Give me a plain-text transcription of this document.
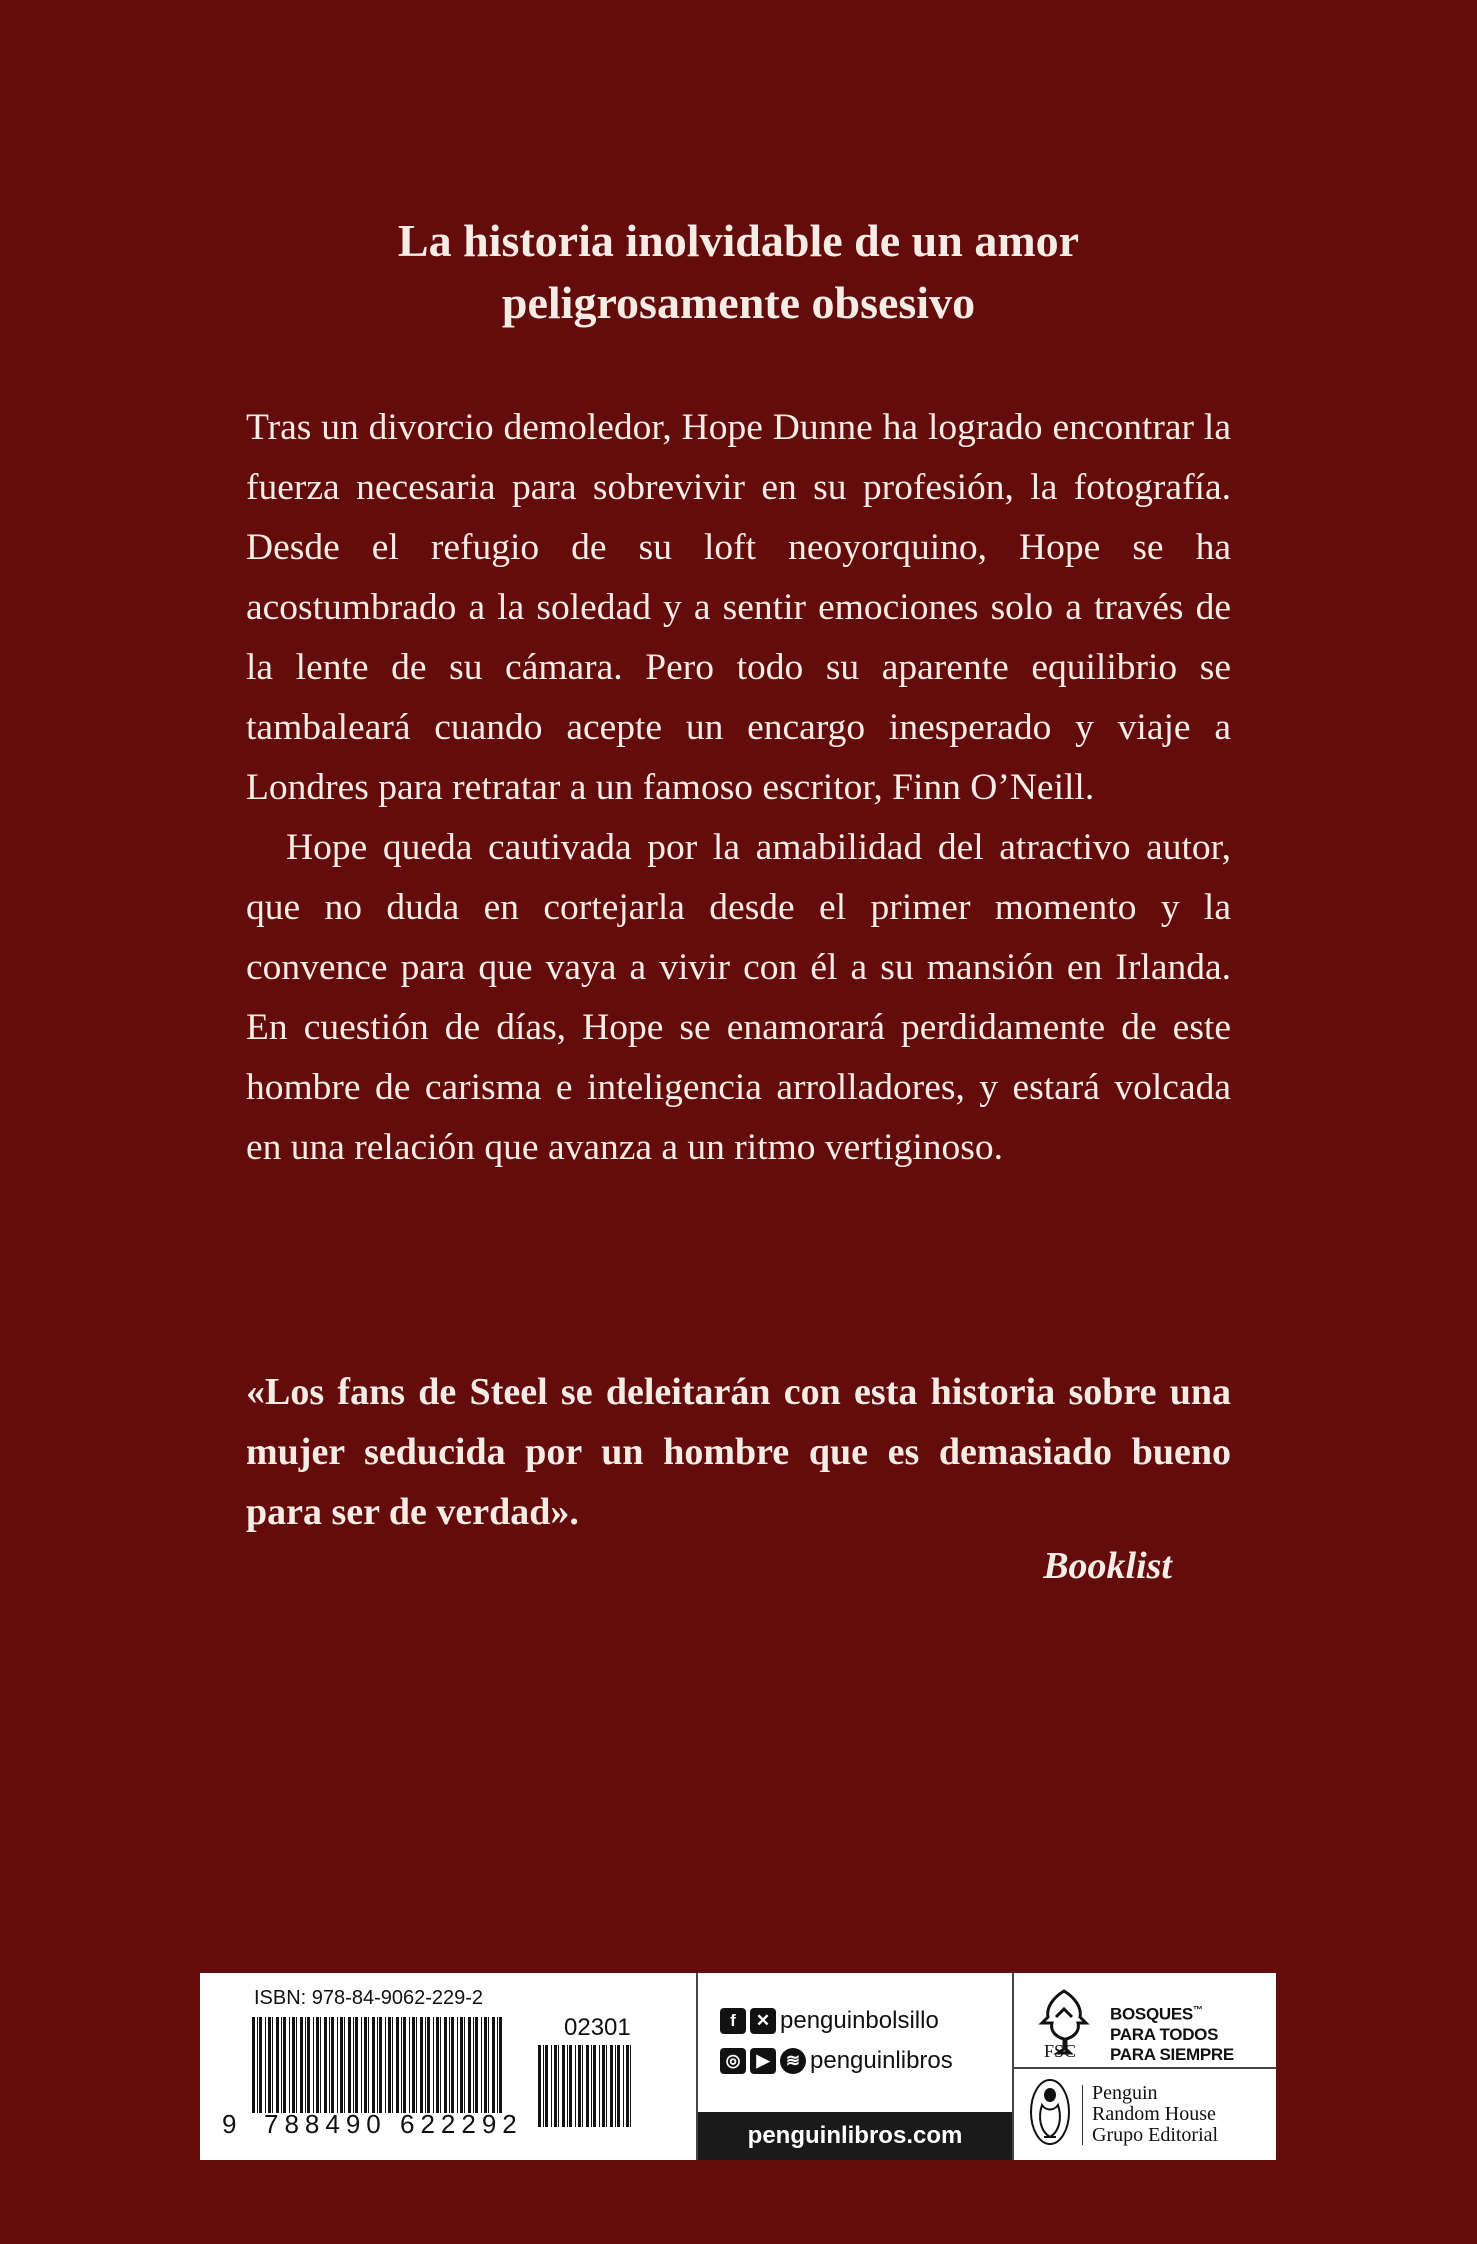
La historia inolvidable de un amor
peligrosamente obsesivo

Tras un divorcio demoledor, Hope Dunne ha logrado encontrar la fuerza necesaria para sobrevivir en su profesión, la fotografía. Desde el refugio de su loft neoyorquino, Hope se ha acostumbrado a la soledad y a sentir emociones solo a través de la lente de su cámara. Pero todo su aparente equilibrio se tambaleará cuando acepte un encargo inesperado y viaje a Londres para retratar a un famoso escritor, Finn O’Neill.

Hope queda cautivada por la amabilidad del atractivo autor, que no duda en cortejarla desde el primer momento y la convence para que vaya a vivir con él a su mansión en Irlanda. En cuestión de días, Hope se enamorará perdidamente de este hombre de carisma e inteligencia arrolladores, y estará volcada en una relación que avanza a un ritmo vertiginoso.

«Los fans de Steel se deleitarán con esta historia sobre una mujer seducida por un hombre que es demasiado bueno para ser de verdad».
Booklist
ISBN: 978-84-9062-229-2
02301
9 788490 622292
f	✕ penguinbolsillo
◎ ▶ ≋ penguinlibros
penguinlibros.com
FSC
BOSQUES™
PARA TODOS
PARA SIEMPRE
Penguin
Random House
Grupo Editorial
